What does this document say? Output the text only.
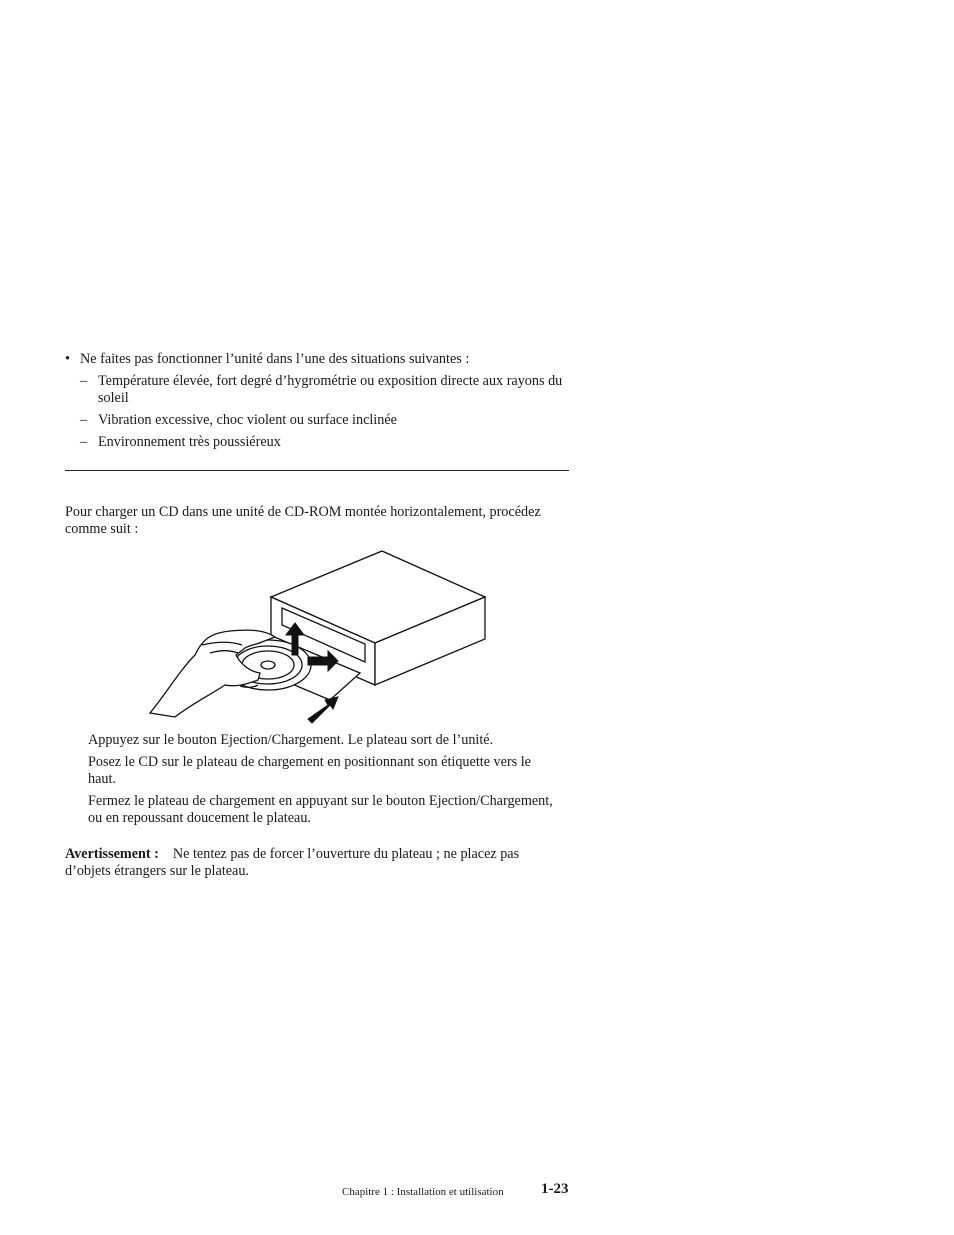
• Ne faites pas fonctionner l’unité dans l’une des situations suivantes :
– Température élevée, fort degré d’hygrométrie ou exposition directe aux rayons du soleil
– Vibration excessive, choc violent ou surface inclinée
– Environnement très poussiéreux
Pour charger un CD dans une unité de CD-ROM montée horizontalement, procédez comme suit :
Appuyez sur le bouton Ejection/Chargement. Le plateau sort de l’unité.
Posez le CD sur le plateau de chargement en positionnant son étiquette vers le haut.
Fermez le plateau de chargement en appuyant sur le bouton Ejection/Chargement, ou en repoussant doucement le plateau.
Avertissement : Ne tentez pas de forcer l’ouverture du plateau ; ne placez pas d’objets étrangers sur le plateau.
Chapitre 1 : Installation et utilisation 1-23
